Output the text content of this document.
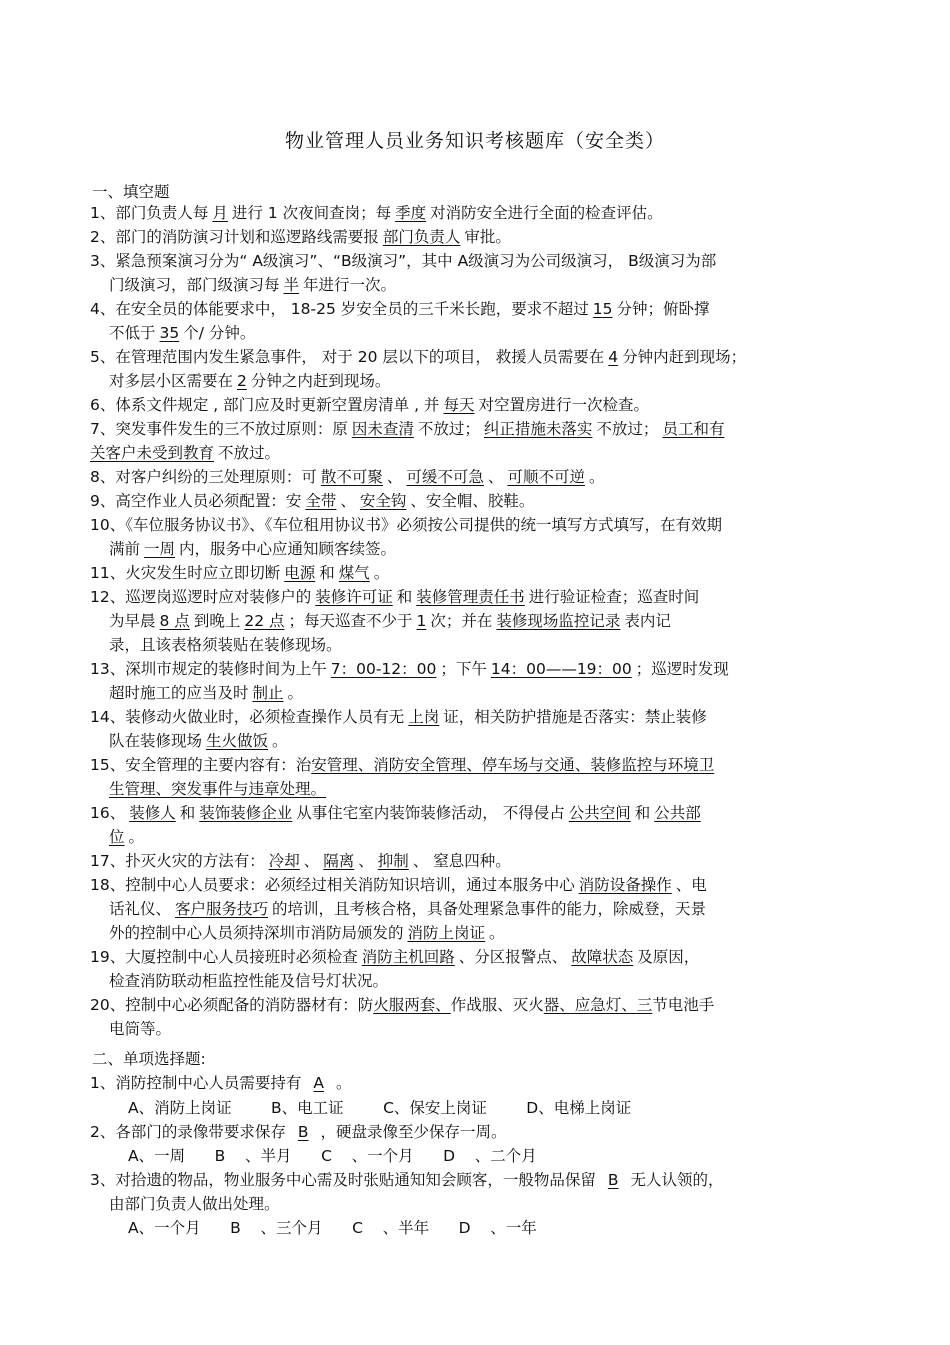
物业管理人员业务知识考核题库（安全类）
一、填空题
1、部门负责人每 月 进行 1 次夜间查岗；每 季度 对消防安全进行全面的检查评估。
2、部门的消防演习计划和巡逻路线需要报 部门负责人 审批。
3、紧急预案演习分为“ A级演习”、“B级演习”，其中 A级演习为公司级演习， B级演习为部
门级演习，部门级演习每 半 年进行一次。
4、在安全员的体能要求中， 18-25 岁安全员的三千米长跑，要求不超过 15 分钟；俯卧撑
不低于 35 个/ 分钟。
5、在管理范围内发生紧急事件， 对于 20 层以下的项目， 救援人员需要在 4 分钟内赶到现场；
对多层小区需要在 2 分钟之内赶到现场。
6、体系文件规定 , 部门应及时更新空置房清单 , 并 每天 对空置房进行一次检查。
7、突发事件发生的三不放过原则：原 因未查清 不放过； 纠正措施未落实 不放过； 员工和有
关客户未受到教育 不放过。
8、对客户纠纷的三处理原则：可 散不可聚 、 可缓不可急 、 可顺不可逆 。
9、高空作业人员必须配置：安 全带 、 安全钩 、安全帽、胶鞋。
10、《车位服务协议书》、《车位租用协议书》必须按公司提供的统一填写方式填写，在有效期
满前 一周 内，服务中心应通知顾客续签。
11、火灾发生时应立即切断 电源 和 煤气 。
12、巡逻岗巡逻时应对装修户的 装修许可证 和 装修管理责任书 进行验证检查；巡查时间
为早晨 8 点 到晚上 22 点 ；每天巡查不少于 1 次；并在 装修现场监控记录 表内记
录，且该表格须装贴在装修现场。
13、深圳市规定的装修时间为上午 7：00-12：00 ；下午 14：00——19：00 ；巡逻时发现
超时施工的应当及时 制止 。
14、装修动火做业时，必须检查操作人员有无 上岗 证，相关防护措施是否落实：禁止装修
队在装修现场 生火做饭 。
15、安全管理的主要内容有：治安管理、消防安全管理、停车场与交通、装修监控与环境卫
生管理、突发事件与违章处理。
16、 装修人 和 装饰装修企业 从事住宅室内装饰装修活动， 不得侵占 公共空间 和 公共部
位 。
17、扑灭火灾的方法有： 冷却 、 隔离 、 抑制 、 窒息四种。
18、控制中心人员要求：必须经过相关消防知识培训，通过本服务中心 消防设备操作 、电
话礼仪、 客户服务技巧 的培训，且考核合格，具备处理紧急事件的能力，除威登，天景
外的控制中心人员须持深圳市消防局颁发的 消防上岗证 。
19、大厦控制中心人员接班时必须检查 消防主机回路 、分区报警点、 故障状态 及原因，
检查消防联动柜监控性能及信号灯状况。
20、控制中心必须配备的消防器材有：防火服两套、作战服、灭火器、应急灯、三节电池手
电筒等。
二、单项选择题:
1、消防控制中心人员需要持有 A 。
A、消防上岗证        B、电工证        C、保安上岗证        D、电梯上岗证
2、各部门的录像带要求保存 B ，硬盘录像至少保存一周。
A、一周      B    、半月      C    、一个月      D    、二个月
3、对拾遗的物品，物业服务中心需及时张贴通知知会顾客，一般物品保留 B 无人认领的，
由部门负责人做出处理。
A、一个月      B    、三个月      C    、半年      D    、一年
